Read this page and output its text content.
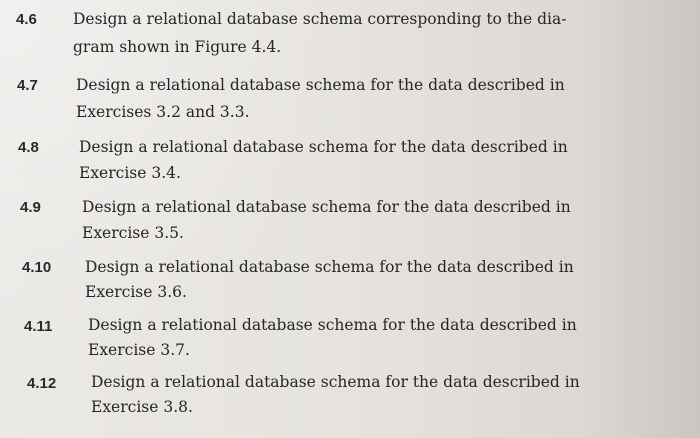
4.6 Design a relational database schema corresponding to the dia-
gram shown in Figure 4.4.
4.7 Design a relational database schema for the data described in
Exercises 3.2 and 3.3.
4.8	Design a relational database schema for the data described in
Exercise 3.4.
4.9	Design a relational database schema for the data described in
Exercise 3.5.
4.10 Design a relational database schema for the data described in
Exercise 3.6.
4.11 Design a relational database schema for the data described in
Exercise 3.7.
4.12 Design a relational database schema for the data described in
Exercise 3.8.
